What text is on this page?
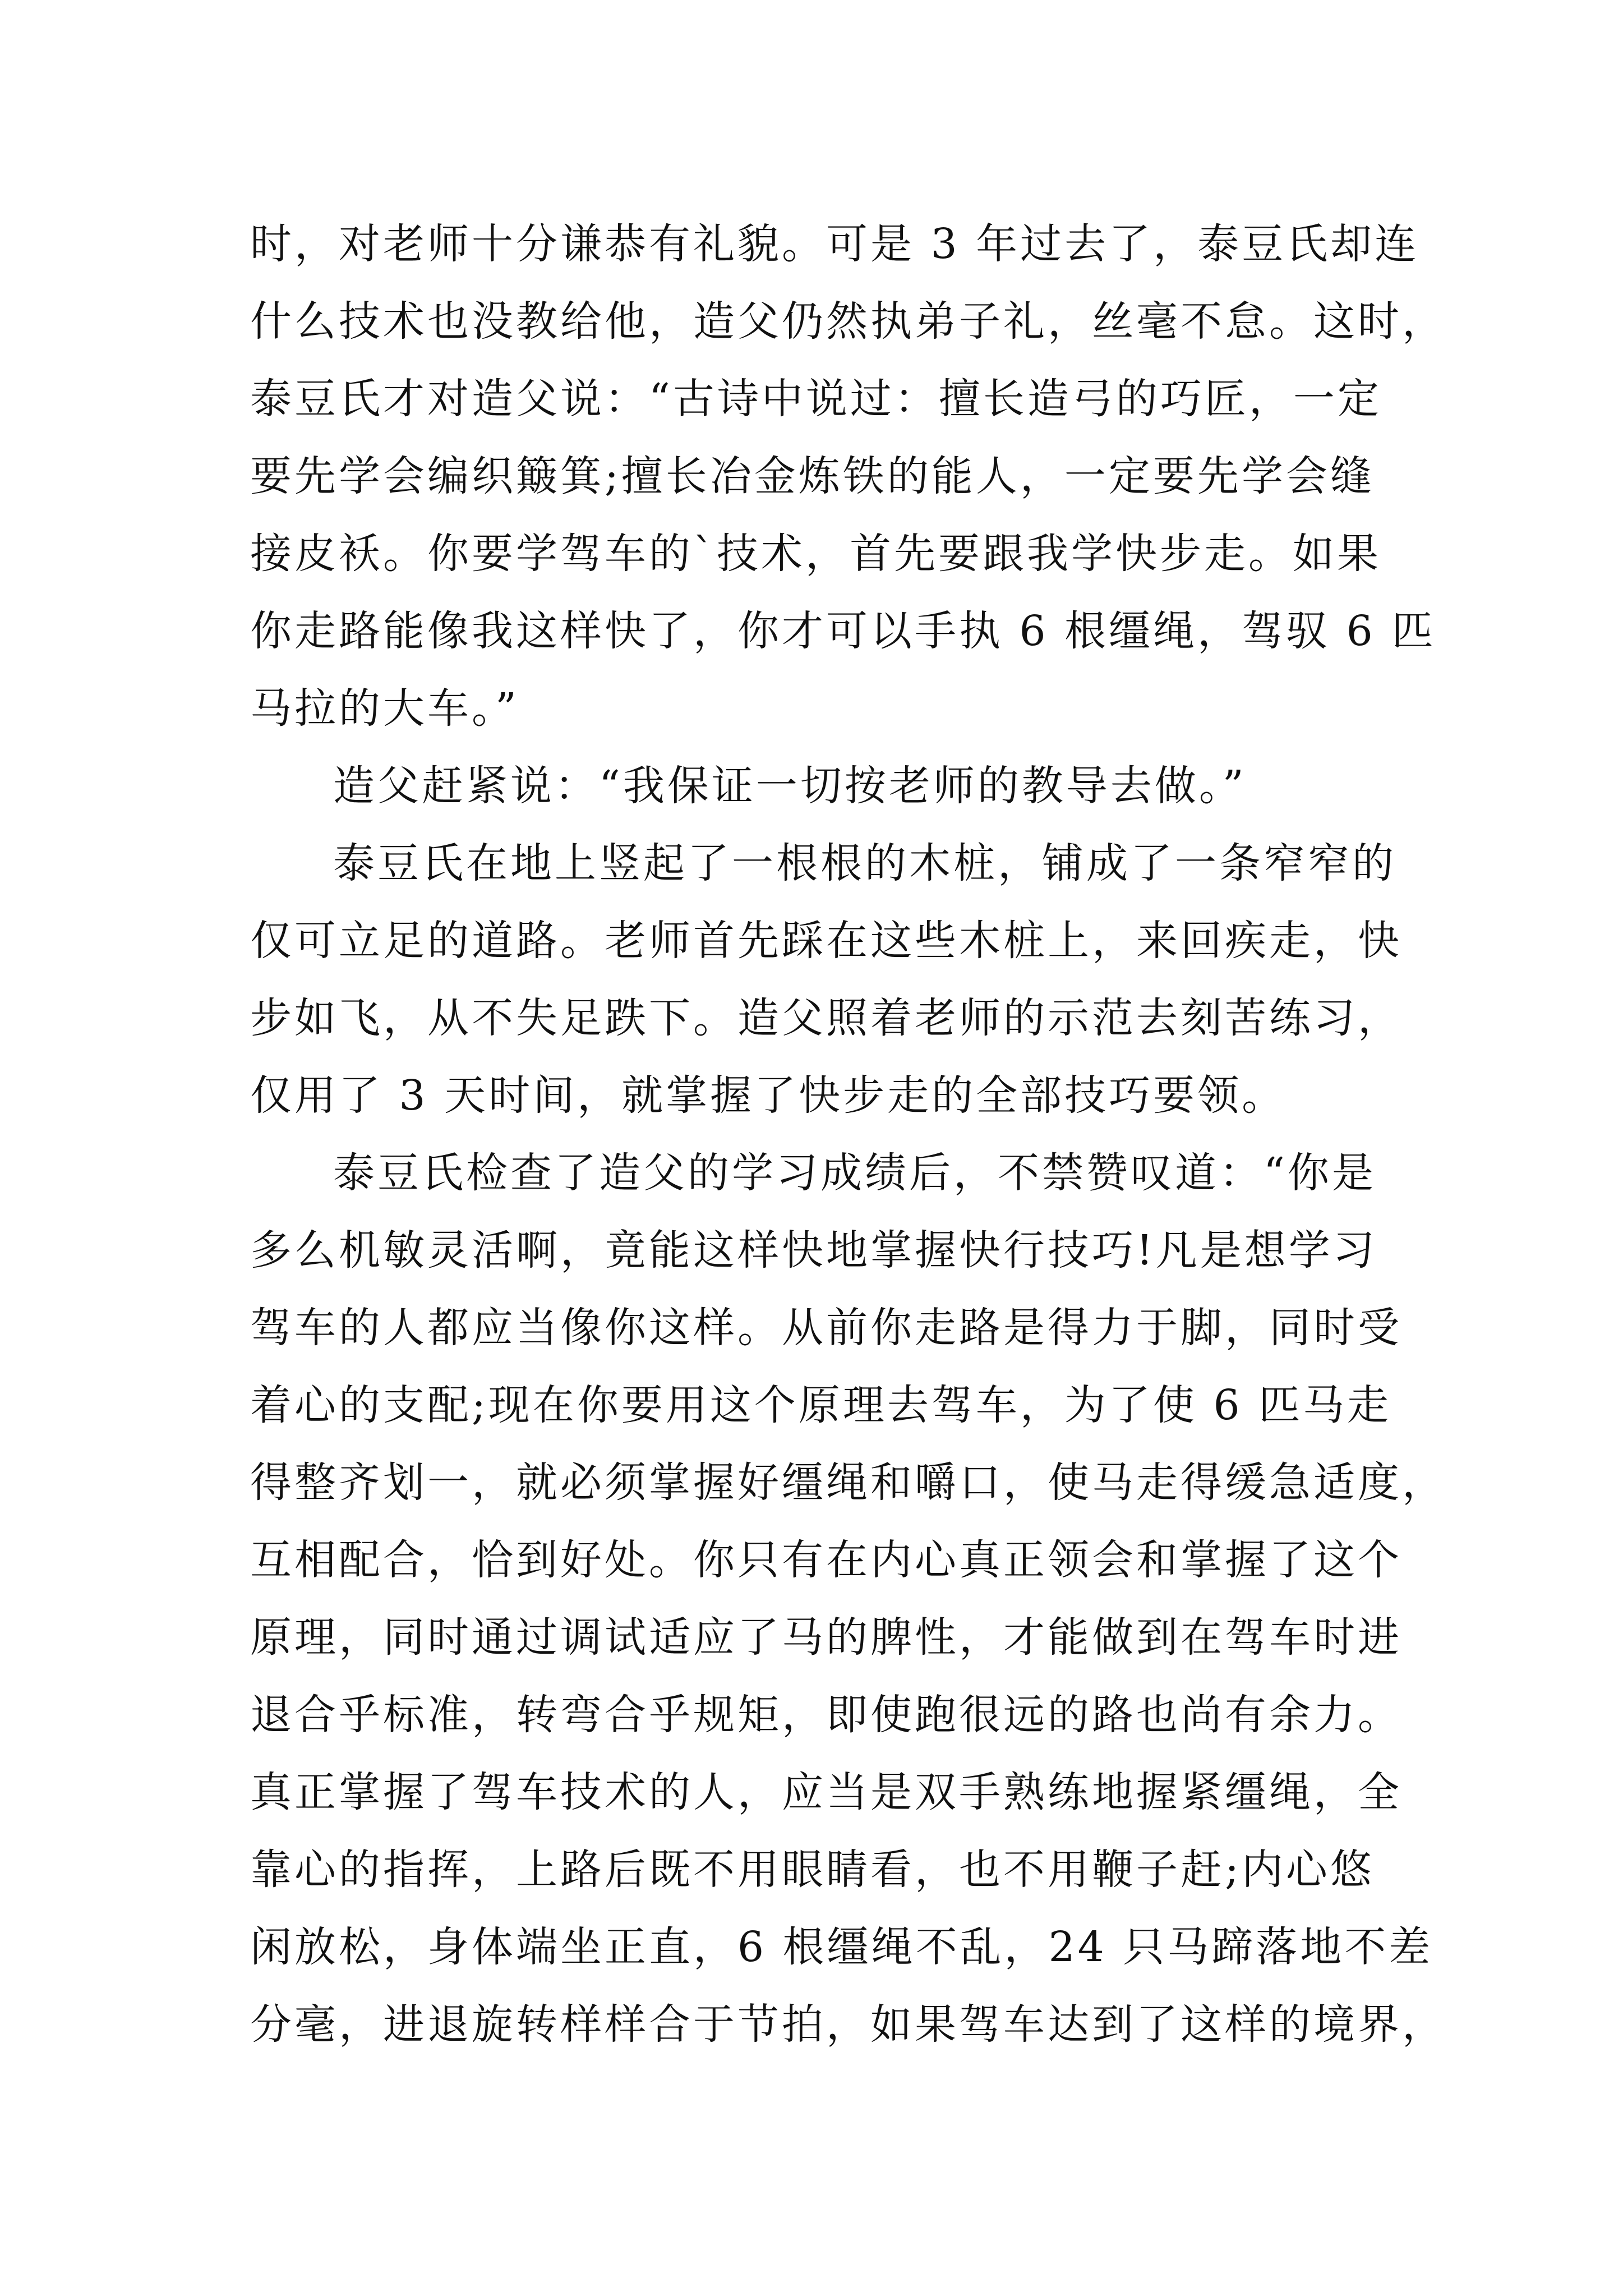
时，对老师十分谦恭有礼貌。可是 3 年过去了，泰豆氏却连
什么技术也没教给他，造父仍然执弟子礼，丝毫不怠。这时，
泰豆氏才对造父说：“古诗中说过：擅长造弓的巧匠，一定
要先学会编织簸箕;擅长冶金炼铁的能人，一定要先学会缝
接皮袄。你要学驾车的`技术，首先要跟我学快步走。如果
你走路能像我这样快了，你才可以手执 6 根缰绳，驾驭 6 匹
马拉的大车。”
造父赶紧说：“我保证一切按老师的教导去做。”
泰豆氏在地上竖起了一根根的木桩，铺成了一条窄窄的
仅可立足的道路。老师首先踩在这些木桩上，来回疾走，快
步如飞，从不失足跌下。造父照着老师的示范去刻苦练习，
仅用了 3 天时间，就掌握了快步走的全部技巧要领。
泰豆氏检查了造父的学习成绩后，不禁赞叹道：“你是
多么机敏灵活啊，竟能这样快地掌握快行技巧!凡是想学习
驾车的人都应当像你这样。从前你走路是得力于脚，同时受
着心的支配;现在你要用这个原理去驾车，为了使 6 匹马走
得整齐划一，就必须掌握好缰绳和嚼口，使马走得缓急适度，
互相配合，恰到好处。你只有在内心真正领会和掌握了这个
原理，同时通过调试适应了马的脾性，才能做到在驾车时进
退合乎标准，转弯合乎规矩，即使跑很远的路也尚有余力。
真正掌握了驾车技术的人，应当是双手熟练地握紧缰绳，全
靠心的指挥，上路后既不用眼睛看，也不用鞭子赶;内心悠
闲放松，身体端坐正直，6 根缰绳不乱，24 只马蹄落地不差
分毫，进退旋转样样合于节拍，如果驾车达到了这样的境界，
